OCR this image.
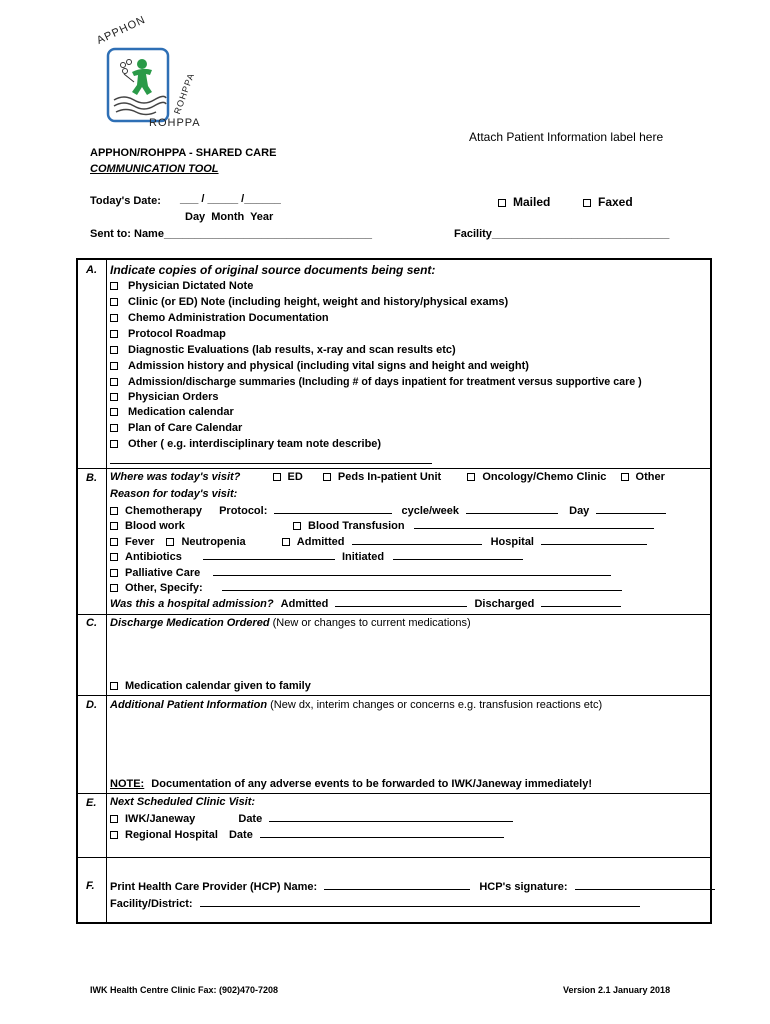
APPHON
ROHPPA
ROHPPA
Attach Patient Information label here
APPHON/ROHPPA - SHARED CARE
COMMUNICATION TOOL
Today's Date: ___ / _____ /______
Day Month Year
Mailed	Faxed
Sent to: Name__________________________________	Facility_____________________________
A. Indicate copies of original source documents being sent:
Physician Dictated Note
Clinic (or ED) Note (including height, weight and history/physical exams)
Chemo Administration Documentation
Protocol Roadmap
Diagnostic Evaluations (lab results, x-ray and scan results etc)
Admission history and physical (including vital signs and height and weight)
Admission/discharge summaries (Including # of days inpatient for treatment versus supportive care )
Physician Orders
Medication calendar
Plan of Care Calendar
Other ( e.g. interdisciplinary team note describe)
B. Where was today's visit?	ED	Peds In-patient Unit	Oncology/Chemo Clinic	Other
Reason for today's visit:
Chemotherapy Protocol:	cycle/week	Day
Blood work	Blood Transfusion
Fever Neutropenia	Admitted	Hospital
Antibiotics	Initiated
Palliative Care
Other, Specify:
Was this a hospital admission? Admitted	Discharged
C. Discharge Medication Ordered (New or changes to current medications)
Medication calendar given to family
D. Additional Patient Information (New dx, interim changes or concerns e.g. transfusion reactions etc)
NOTE: Documentation of any adverse events to be forwarded to IWK/Janeway immediately!
E. Next Scheduled Clinic Visit:
IWK/Janeway	Date
Regional Hospital Date
F. Print Health Care Provider (HCP) Name:	HCP's signature:
Facility/District:
IWK Health Centre Clinic Fax: (902)470-7208	Version 2.1 January 2018
